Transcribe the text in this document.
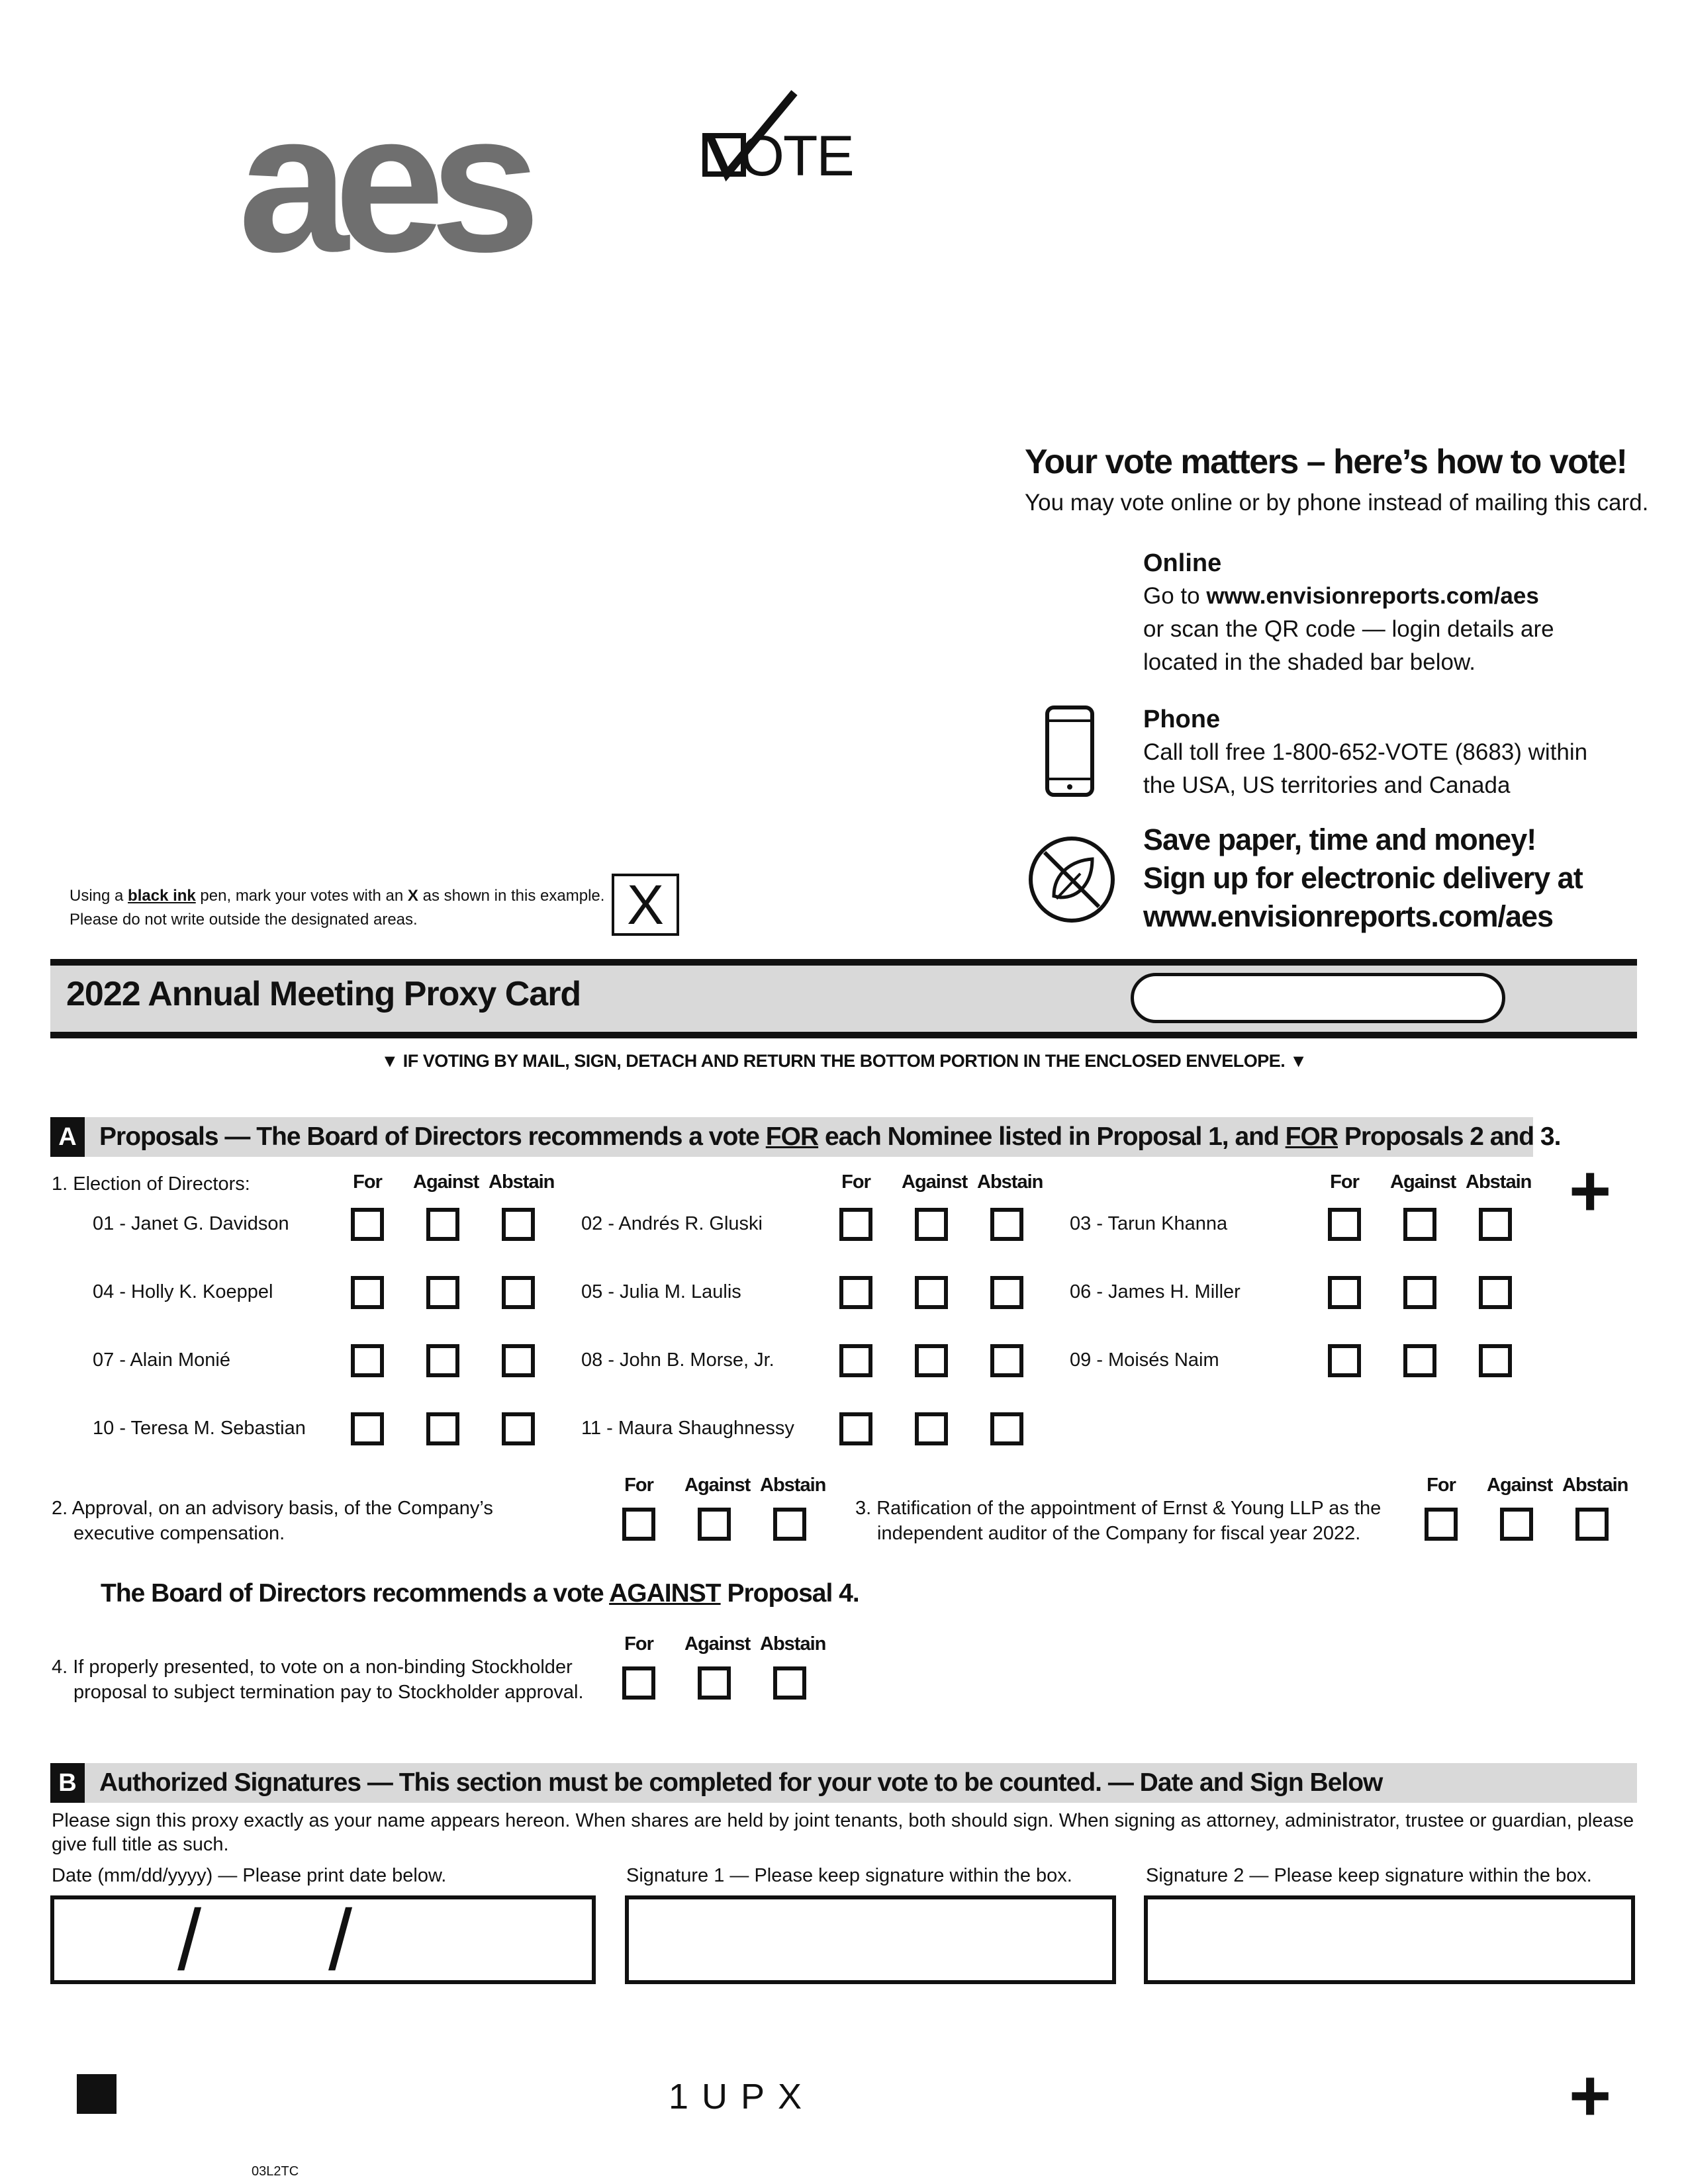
aes	OTE
Your vote matters – here’s how to vote!
You may vote online or by phone instead of mailing this card.
Online
Go to www.envisionreports.com/aes
or scan the QR code — login details are
located in the shaded bar below.
Phone
Call toll free 1-800-652-VOTE (8683) within
the USA, US territories and Canada
Save paper, time and money!
Sign up for electronic delivery at
www.envisionreports.com/aes
Using a black ink pen, mark your votes with an X as shown in this example.
Please do not write outside the designated areas.	X
2022 Annual Meeting Proxy Card
▼ IF VOTING BY MAIL, SIGN, DETACH AND RETURN THE BOTTOM PORTION IN THE ENCLOSED ENVELOPE. ▼
A Proposals — The Board of Directors recommends a vote FOR each Nominee listed in Proposal 1, and FOR Proposals 2 and 3.
1. Election of Directors:	For	Against Abstain	For	Against Abstain	For	Against Abstain +
01 - Janet G. Davidson	02 - Andrés R. Gluski	03 - Tarun Khanna
04 - Holly K. Koeppel	05 - Julia M. Laulis	06 - James H. Miller
07 - Alain Monié	08 - John B. Morse, Jr.	09 - Moisés Naim
10 - Teresa M. Sebastian	11 - Maura Shaughnessy
2. Approval, on an advisory basis, of the Company’s
executive compensation.
For	Against Abstain
3. Ratification of the appointment of Ernst & Young LLP as the
independent auditor of the Company for fiscal year 2022.
For	Against Abstain
The Board of Directors recommends a vote AGAINST Proposal 4.
4. If properly presented, to vote on a non-binding Stockholder
proposal to subject termination pay to Stockholder approval.
For	Against Abstain
B Authorized Signatures — This section must be completed for your vote to be counted. — Date and Sign Below
Please sign this proxy exactly as your name appears hereon. When shares are held by joint tenants, both should sign. When signing as attorney, administrator, trustee or guardian, please give full title as such.
Date (mm/dd/yyyy) — Please print date below.	Signature 1 — Please keep signature within the box.	Signature 2 — Please keep signature within the box.
/ /
1UPX	+
03L2TC
